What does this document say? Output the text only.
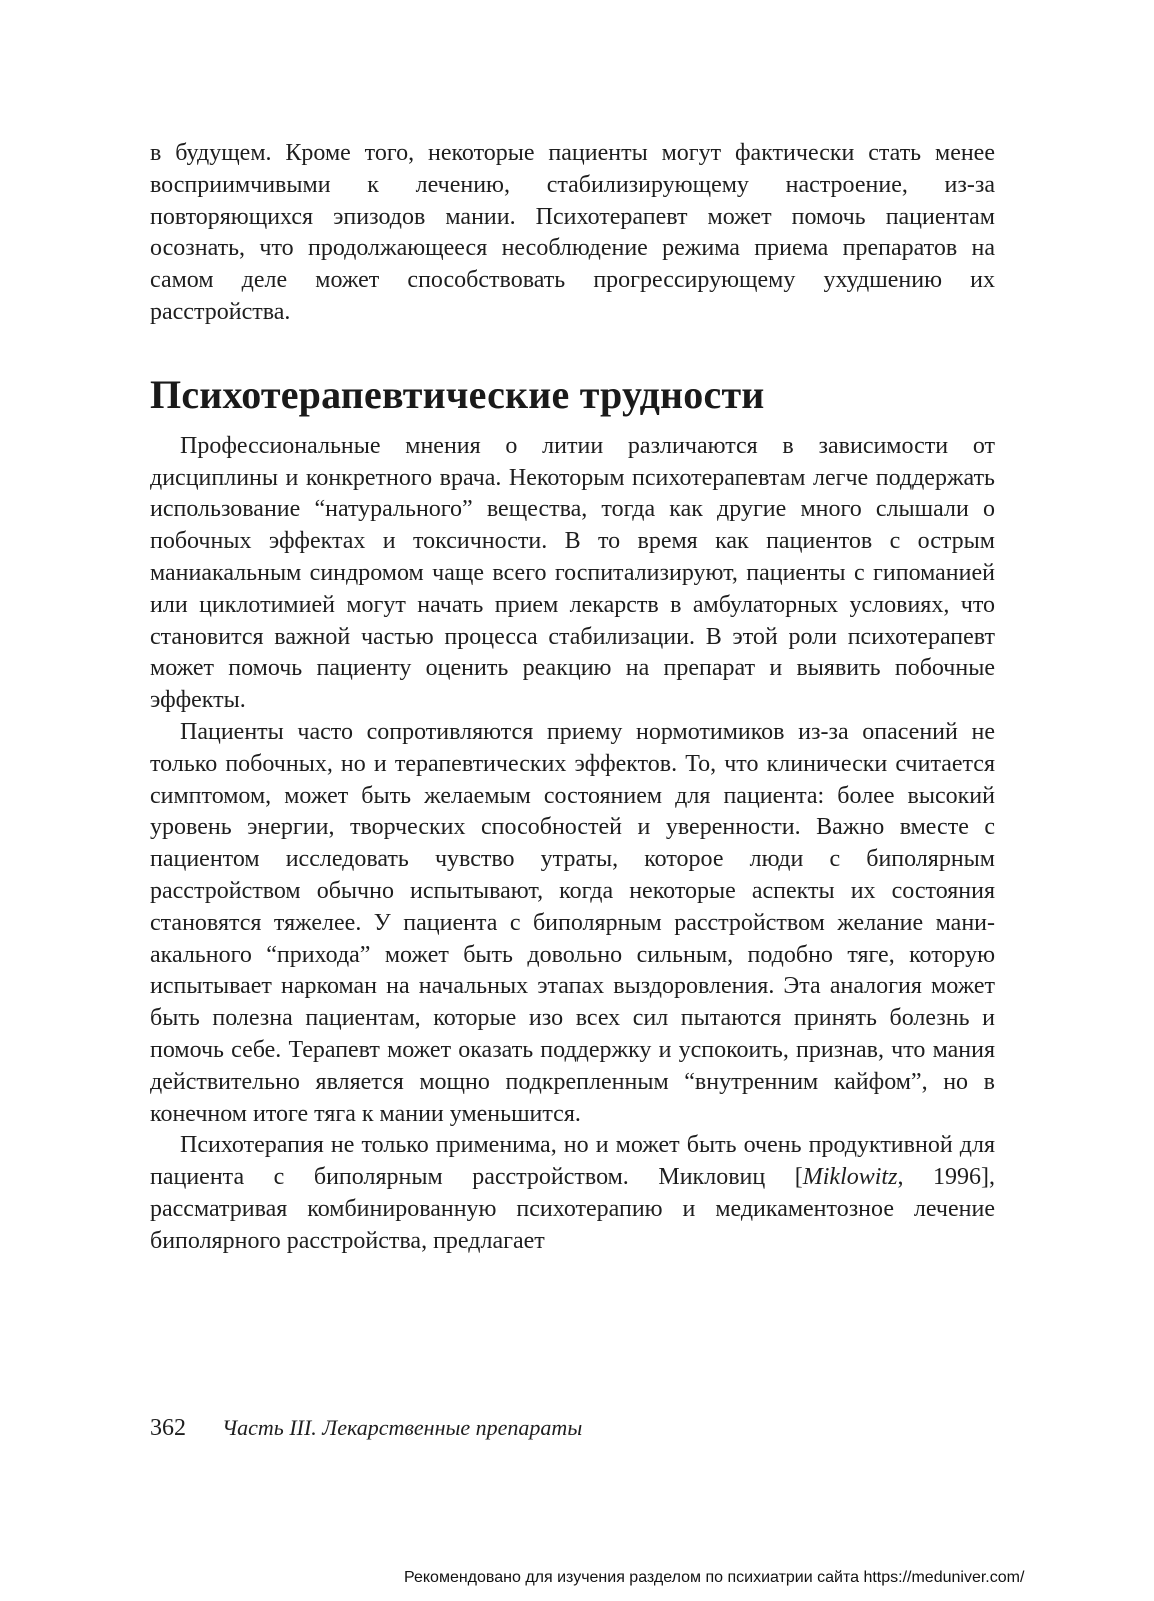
в будущем. Кроме того, некоторые пациенты могут фактически стать менее восприимчивыми к лечению, стабилизирующему настроение, из-за повторяющихся эпизодов мании. Психотерапевт может помочь пациентам осознать, что продолжающееся несоблюдение режима приема препаратов на самом деле может способствовать прогрессирующему ухудшению их расстройства.

Психотерапевтические трудности

Профессиональные мнения о литии различаются в зависимости от дисциплины и конкретного врача. Некоторым психотерапевтам легче поддержать использование “натурального” вещества, тогда как другие много слышали о побочных эффектах и токсичности. В то время как пациентов с острым маниакальным синдромом чаще всего госпитализируют, пациенты с гипоманией или циклотимией могут начать прием лекарств в амбулаторных условиях, что становится важной частью процесса стабилизации. В этой роли психотерапевт может помочь пациенту оценить реакцию на препарат и выявить побочные эффекты.

Пациенты часто сопротивляются приему нормотимиков из-за опасений не только побочных, но и терапевтических эффектов. То, что клинически считается симптомом, может быть желаемым состоянием для пациента: более высокий уровень энергии, творческих способностей и уверенности. Важно вместе с пациентом исследовать чувство утраты, которое люди с биполярным расстройством обычно испытывают, когда некоторые аспекты их состояния становятся тяжелее. У пациента с биполярным расстройством желание маниакального “прихода” может быть довольно сильным, подобно тяге, которую испытывает наркоман на начальных этапах выздоровления. Эта аналогия может быть полезна пациентам, которые изо всех сил пытаются принять болезнь и помочь себе. Терапевт может оказать поддержку и успокоить, признав, что мания действительно является мощно подкрепленным “внутренним кайфом”, но в конечном итоге тяга к мании уменьшится.

Психотерапия не только применима, но и может быть очень продуктивной для пациента с биполярным расстройством. Микловиц [Miklowitz, 1996], рассматривая комбинированную психотерапию и медикаментозное лечение биполярного расстройства, предлагает

362 Часть III. Лекарственные препараты
Рекомендовано для изучения разделом по психиатрии сайта https://meduniver.com/
